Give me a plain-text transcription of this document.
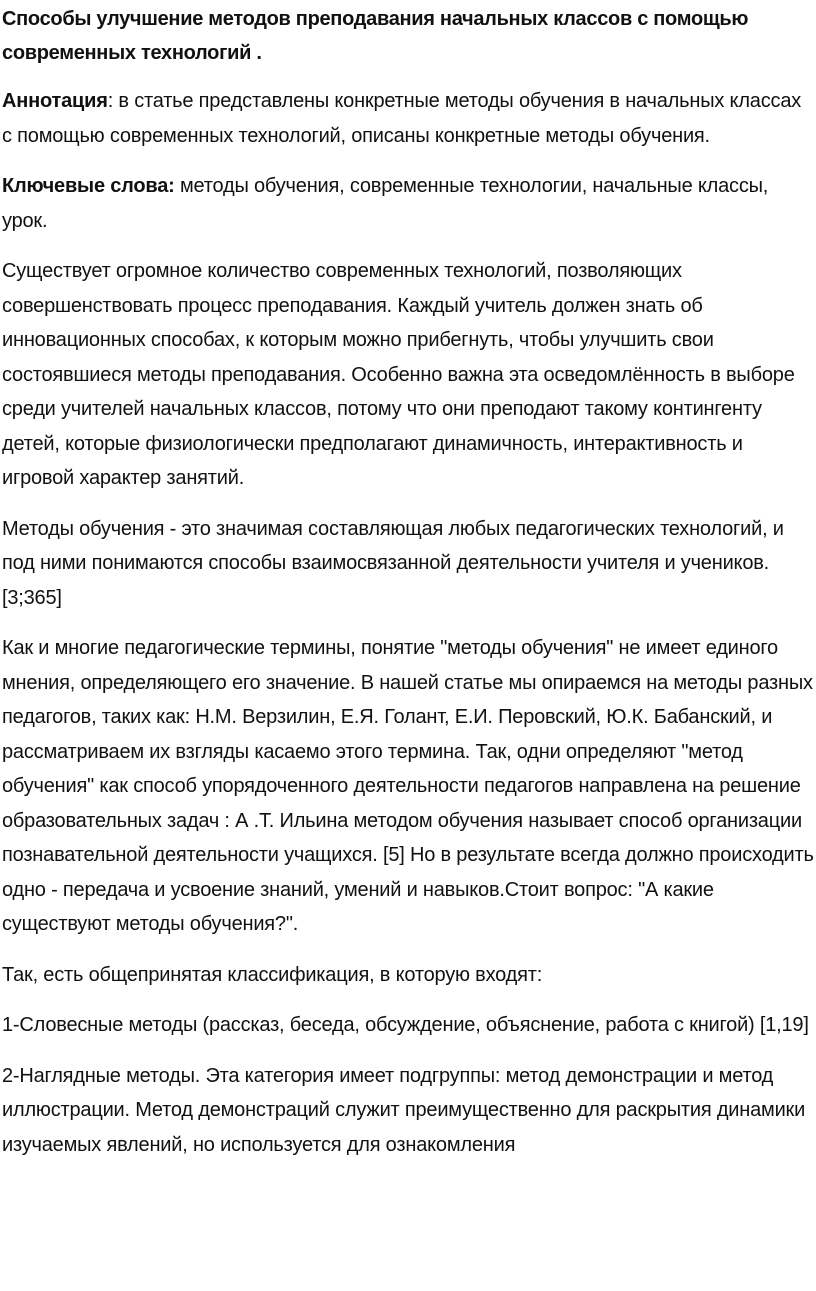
Способы улучшение методов преподавания начальных классов с помощью современных технологий .

Аннотация: в статье представлены конкретные методы обучения в начальных классах с помощью современных технологий, описаны конкретные методы обучения.

Ключевые слова: методы обучения, современные технологии, начальные классы, урок.

Существует огромное количество современных технологий, позволяющих совершенствовать процесс преподавания. Каждый учитель должен знать об инновационных способах, к которым можно прибегнуть, чтобы улучшить свои состоявшиеся методы преподавания. Особенно важна эта осведомлённость в выборе среди учителей начальных классов, потому что они преподают такому контингенту детей, которые физиологически предполагают динамичность, интерактивность и игровой характер занятий.

Методы обучения - это значимая составляющая любых педагогических технологий, и под ними понимаются способы взаимосвязанной деятельности учителя и учеников. [3;365]

Как и многие педагогические термины, понятие "методы обучения" не имеет единого мнения, определяющего его значение. В нашей статье мы опираемся на методы разных педагогов, таких как: Н.М. Верзилин, Е.Я. Голант, Е.И. Перовский, Ю.К. Бабанский, и рассматриваем их взгляды касаемо этого термина. Так, одни определяют "метод обучения" как способ упорядоченного деятельности педагогов направлена на решение образовательных задач : А .Т. Ильина методом обучения называет способ организации познавательной деятельности учащихся. [5] Но в результате всегда должно происходить одно - передача и усвоение знаний, умений и навыков.Стоит вопрос: "А какие существуют методы обучения?".

Так, есть общепринятая классификация, в которую входят:

1-Словесные методы (рассказ, беседа, обсуждение, объяснение, работа с книгой) [1,19]

2-Наглядные методы. Эта категория имеет подгруппы: метод демонстрации и метод иллюстрации. Метод демонстраций служит преимущественно для раскрытия динамики изучаемых явлений, но используется для ознакомления
